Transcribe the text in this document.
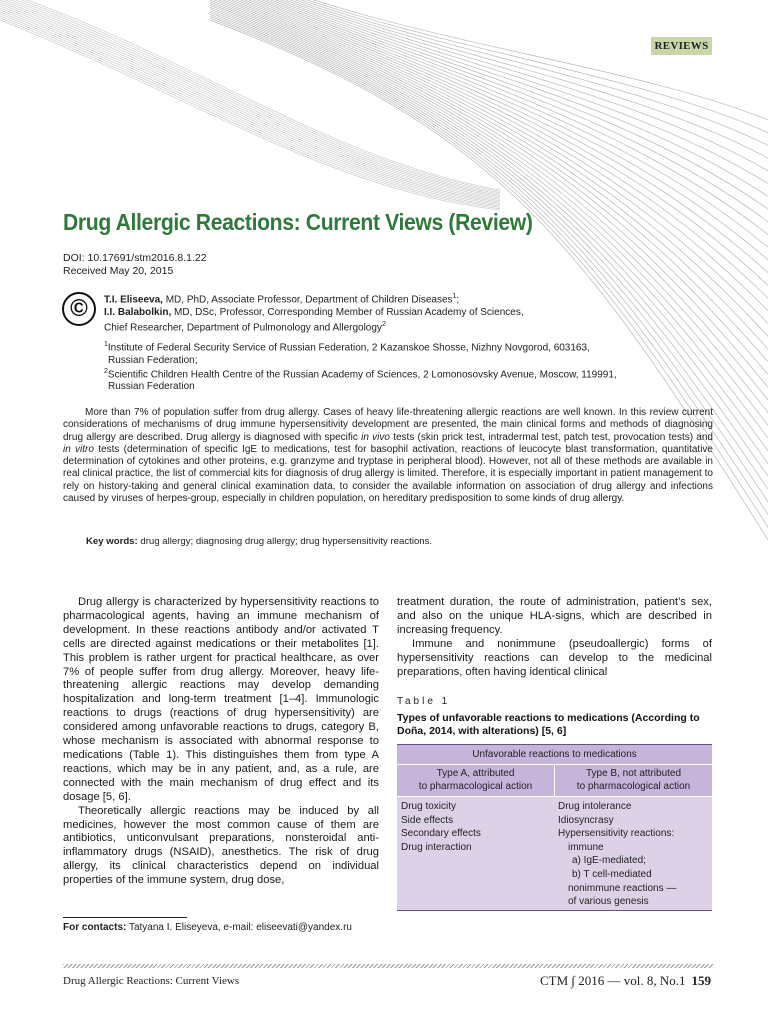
REVIEWS
Drug Allergic Reactions: Current Views (Review)
DOI: 10.17691/stm2016.8.1.22
Received May 20, 2015
©	T.I. Eliseeva, MD, PhD, Associate Professor, Department of Children Diseases$^1$;
I.I. Balabolkin, MD, DSc, Professor, Corresponding Member of Russian Academy of Sciences,
Chief Researcher, Department of Pulmonology and Allergology$^2$
$^1$Institute of Federal Security Service of Russian Federation, 2 Kazanskoe Shosse, Nizhny Novgorod, 603163,
Russian Federation;
$^2$Scientific Children Health Centre of the Russian Academy of Sciences, 2 Lomonosovsky Avenue, Moscow, 119991,
Russian Federation
More than 7% of population suffer from drug allergy. Cases of heavy life-threatening allergic reactions are well known. In this review current considerations of mechanisms of drug immune hypersensitivity development are presented, the main clinical forms and methods of diagnosing drug allergy are described. Drug allergy is diagnosed with specific in vivo tests (skin prick test, intradermal test, patch test, provocation tests) and in vitro tests (determination of specific IgE to medications, test for basophil activation, reactions of leucocyte blast transformation, quantitative determination of cytokines and other proteins, e.g. granzyme and tryptase in peripheral blood). However, not all of these methods are available in real clinical practice, the list of commercial kits for diagnosis of drug allergy is limited. Therefore, it is especially important in patient management to rely on history-taking and general clinical examination data, to consider the available information on association of drug allergy and infections caused by viruses of herpes-group, especially in children population, on hereditary predisposition to some kinds of drug allergy.
Key words: drug allergy; diagnosing drug allergy; drug hypersensitivity reactions.

Drug allergy is characterized by hypersensitivity reactions to pharmacological agents, having an immune mechanism of development. In these reactions antibody and/or activated T cells are directed against medications or their metabolites [1]. This problem is rather urgent for practical healthcare, as over 7% of people suffer from drug allergy. Moreover, heavy life-threatening allergic reactions may develop demanding hospitalization and long-term treatment [1–4]. Immunologic reactions to drugs (reactions of drug hypersensitivity) are considered among unfavorable reactions to drugs, category B, whose mechanism is associated with abnormal response to medications (Table 1). This distinguishes them from type A reactions, which may be in any patient, and, as a rule, are connected with the main mechanism of drug effect and its dosage [5, 6].

Theoretically allergic reactions may be induced by all medicines, however the most common cause of them are antibiotics, unticonvulsant preparations, nonsteroidal anti-inflammatory drugs (NSAID), anesthetics. The risk of drug allergy, its clinical characteristics depend on individual properties of the immune system, drug dose,

treatment duration, the route of administration, patient’s sex, and also on the unique HLA-signs, which are described in increasing frequency.

Immune and nonimmune (pseudoallergic) forms of hypersensitivity reactions can develop to the medicinal preparations, often having identical clinical

Table 1
Types of unfavorable reactions to medications (According to Doña, 2014, with alterations) [5, 6]
Unfavorable reactions to medications
Type A, attributed
to pharmacological action
Type B, not attributed
to pharmacological action
Drug toxicity
Side effects
Secondary effects
Drug interaction
Drug intolerance
Idiosyncrasy
Hypersensitivity reactions:
immune
a) IgE-mediated;
b) T cell-mediated
nonimmune reactions —
of various genesis
For contacts: Tatyana I. Eliseyeva, e-mail: eliseevati@yandex.ru
Drug Allergic Reactions: Current Views	CTM ∫ 2016 — vol. 8, No.1 159
